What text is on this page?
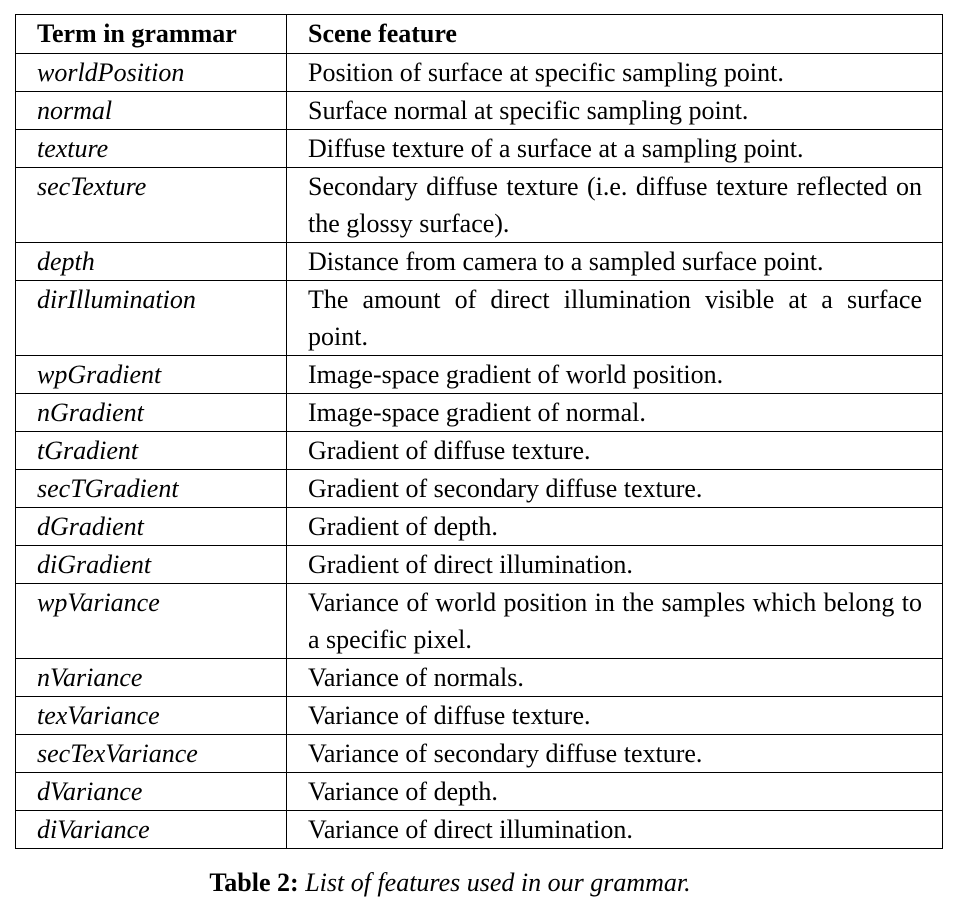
Term in grammar	Scene feature
worldPosition	Position of surface at specific sampling point.
normal	Surface normal at specific sampling point.
texture	Diffuse texture of a surface at a sampling point.
secTexture	Secondary diffuse texture (i.e. diffuse texture reflected on the glossy surface).
depth	Distance from camera to a sampled surface point.
dirIllumination	The amount of direct illumination visible at a surface point.
wpGradient	Image-space gradient of world position.
nGradient	Image-space gradient of normal.
tGradient	Gradient of diffuse texture.
secTGradient	Gradient of secondary diffuse texture.
dGradient	Gradient of depth.
diGradient	Gradient of direct illumination.
wpVariance	Variance of world position in the samples which belong to a specific pixel.
nVariance	Variance of normals.
texVariance	Variance of diffuse texture.
secTexVariance	Variance of secondary diffuse texture.
dVariance	Variance of depth.
diVariance	Variance of direct illumination.
Table 2: List of features used in our grammar.
